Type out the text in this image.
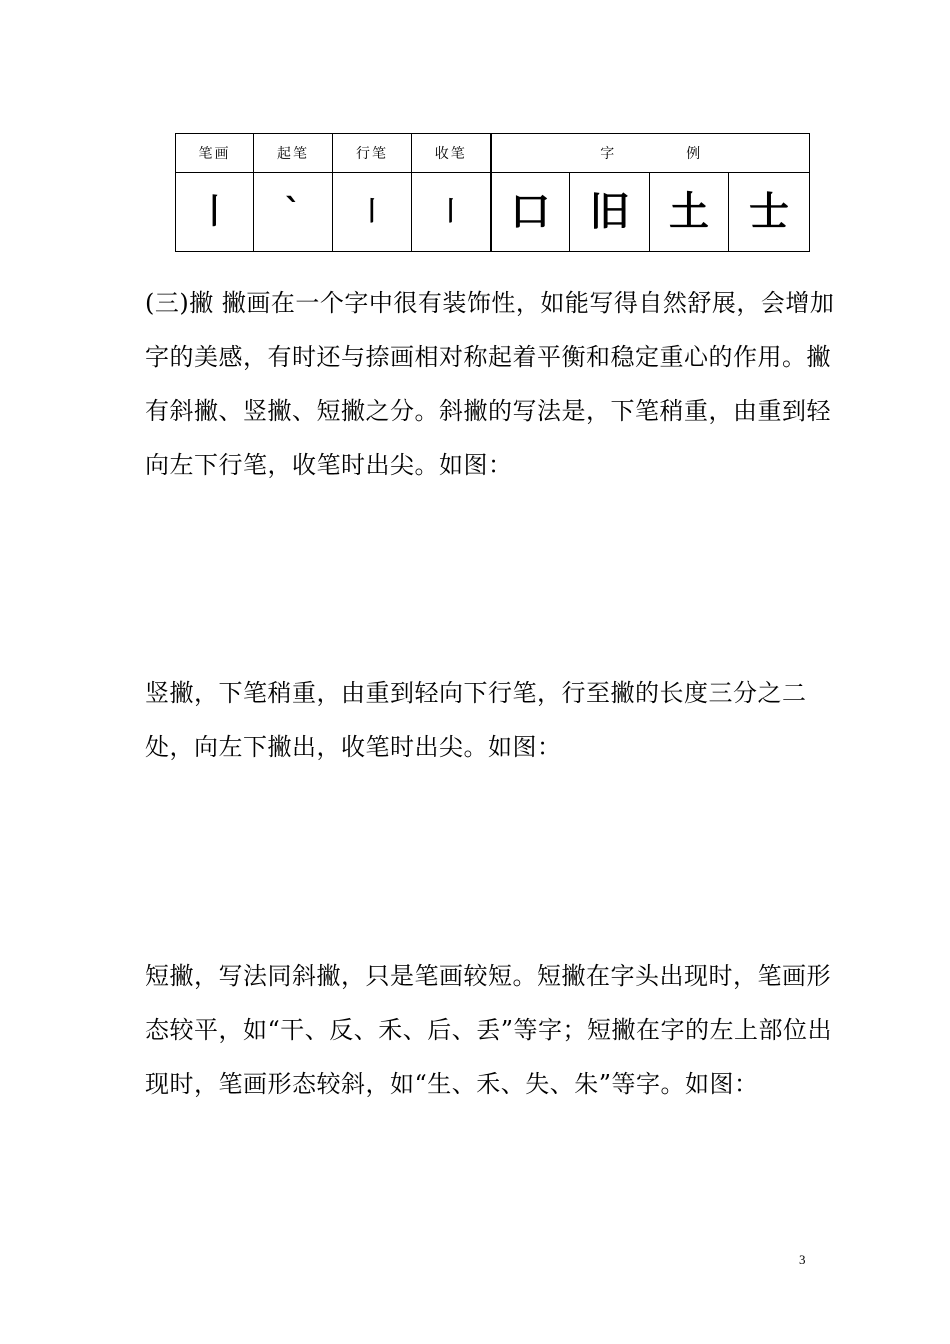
笔画	起笔	行笔	收笔	字 例			

丨	`	丨	丨	口	旧	土	士

(三)撇 撇画在一个字中很有装饰性，如能写得自然舒展，会增加字的美感，有时还与捺画相对称起着平衡和稳定重心的作用。撇有斜撇、竖撇、短撇之分。斜撇的写法是，下笔稍重，由重到轻向左下行笔，收笔时出尖。如图：

竖撇，下笔稍重，由重到轻向下行笔，行至撇的长度三分之二处，向左下撇出，收笔时出尖。如图：

短撇，写法同斜撇，只是笔画较短。短撇在字头出现时，笔画形态较平，如“干、反、禾、后、丢”等字；短撇在字的左上部位出现时，笔画形态较斜，如“生、禾、失、朱”等字。如图：

3
